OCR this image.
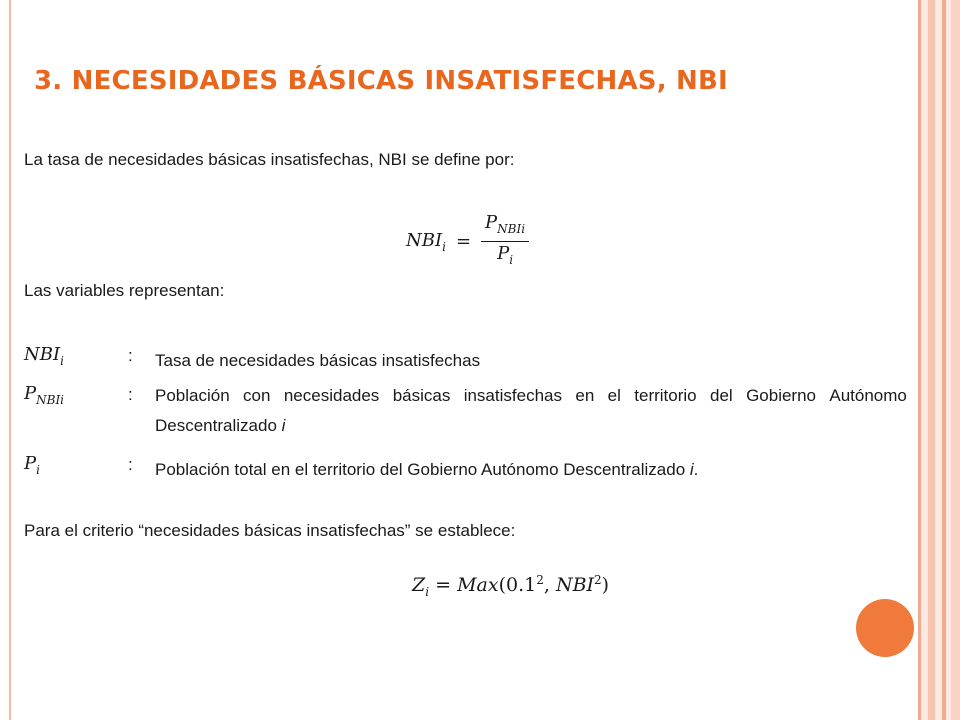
3. NECESIDADES BÁSICAS INSATISFECHAS, NBI
La tasa de necesidades básicas insatisfechas, NBI se define por:
$NBI_i = \frac{P_{NBIi}}{P_i}$
Las variables representan:
$NBI_i$	: Tasa de necesidades básicas insatisfechas
$P_{NBIi}$	: Población con necesidades básicas insatisfechas en el territorio del Gobierno Autónomo
Descentralizado i
$P_i$	: Población total en el territorio del Gobierno Autónomo Descentralizado i.
Para el criterio “necesidades básicas insatisfechas” se establece:
$Z_i = Max(0.1^2$, NBI$^2$)
